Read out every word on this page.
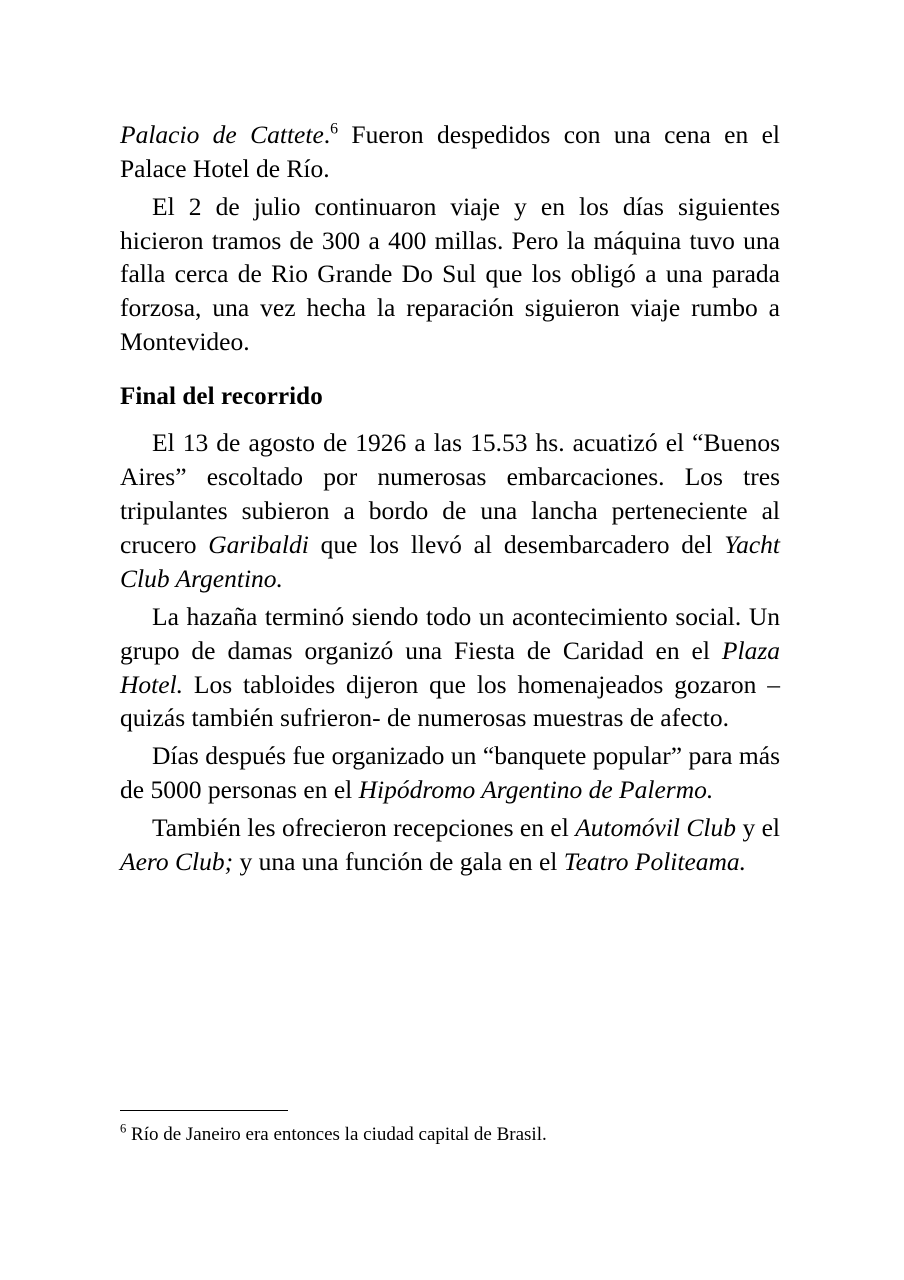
Palacio de Cattete.$^6$ Fueron despedidos con una cena en el Palace Hotel de Río.

El 2 de julio continuaron viaje y en los días siguientes hicieron tramos de 300 a 400 millas. Pero la máquina tuvo una falla cerca de Rio Grande Do Sul que los obligó a una parada forzosa, una vez hecha la reparación siguieron viaje rumbo a Montevideo.

Final del recorrido

El 13 de agosto de 1926 a las 15.53 hs. acuatizó el “Buenos Aires” escoltado por numerosas embarcaciones. Los tres tripulantes subieron a bordo de una lancha perteneciente al crucero Garibaldi que los llevó al desembarcadero del Yacht Club Argentino.

La hazaña terminó siendo todo un acontecimiento social. Un grupo de damas organizó una Fiesta de Caridad en el Plaza Hotel. Los tabloides dijeron que los homenajeados gozaron –quizás también sufrieron- de numerosas muestras de afecto.

Días después fue organizado un “banquete popular” para más de 5000 personas en el Hipódromo Argentino de Palermo.

También les ofrecieron recepciones en el Automóvil Club y el Aero Club; y una una función de gala en el Teatro Politeama.

$^6$ Río de Janeiro era entonces la ciudad capital de Brasil.
